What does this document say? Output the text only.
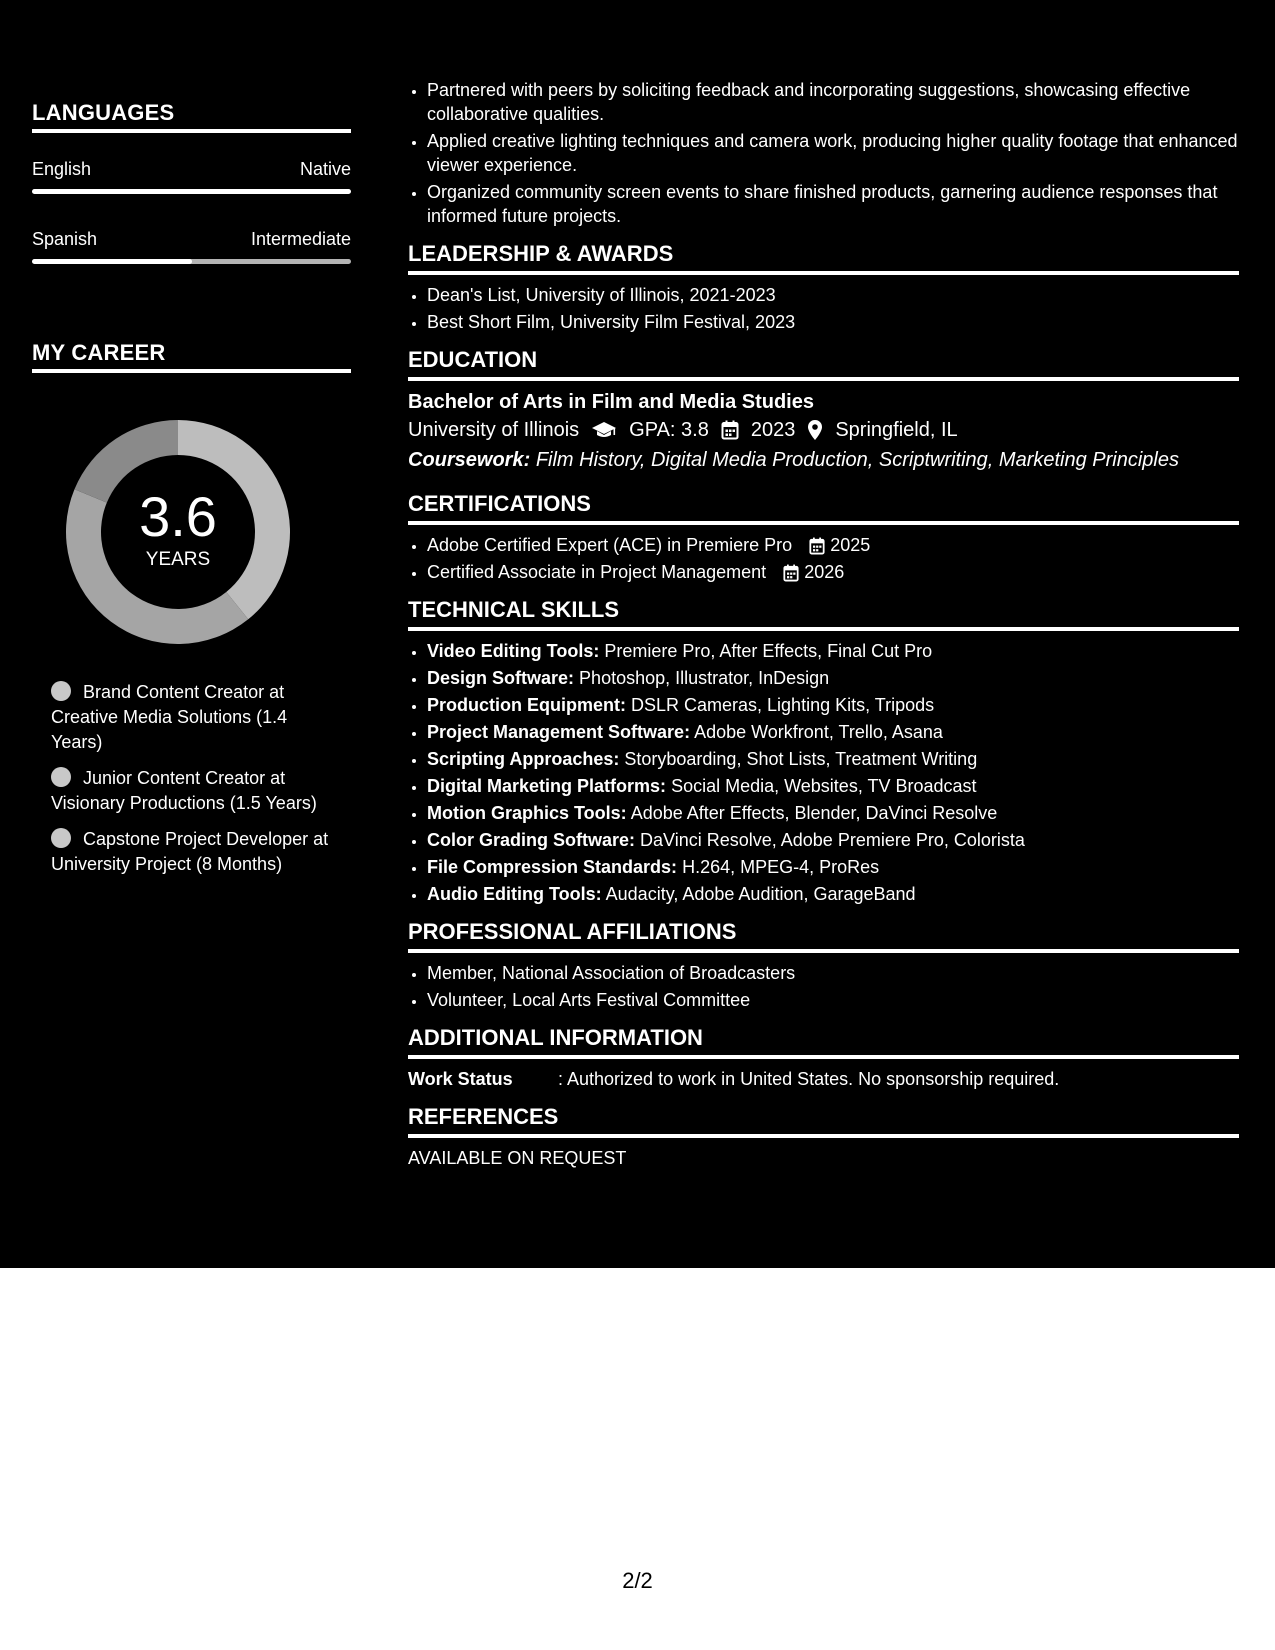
LANGUAGES
English	Native
Spanish	Intermediate
MY CAREER
3.6
YEARS
Brand Content Creator at Creative Media Solutions (1.4 Years)
Junior Content Creator at Visionary Productions (1.5 Years)
Capstone Project Developer at University Project (8 Months)
• Partnered with peers by soliciting feedback and incorporating suggestions, showcasing effective collaborative qualities.
• Applied creative lighting techniques and camera work, producing higher quality footage that enhanced viewer experience.
• Organized community screen events to share finished products, garnering audience responses that informed future projects.
LEADERSHIP & AWARDS
• Dean's List, University of Illinois, 2021-2023
• Best Short Film, University Film Festival, 2023
EDUCATION
Bachelor of Arts in Film and Media Studies
University of Illinois	GPA: 3.8 2023 Springfield, IL
Coursework: Film History, Digital Media Production, Scriptwriting, Marketing Principles
CERTIFICATIONS
• Adobe Certified Expert (ACE) in Premiere Pro 2025
• Certified Associate in Project Management 2026
TECHNICAL SKILLS
• Video Editing Tools: Premiere Pro, After Effects, Final Cut Pro
• Design Software: Photoshop, Illustrator, InDesign
• Production Equipment: DSLR Cameras, Lighting Kits, Tripods
• Project Management Software: Adobe Workfront, Trello, Asana
• Scripting Approaches: Storyboarding, Shot Lists, Treatment Writing
• Digital Marketing Platforms: Social Media, Websites, TV Broadcast
• Motion Graphics Tools: Adobe After Effects, Blender, DaVinci Resolve
• Color Grading Software: DaVinci Resolve, Adobe Premiere Pro, Colorista
• File Compression Standards: H.264, MPEG-4, ProRes
• Audio Editing Tools: Audacity, Adobe Audition, GarageBand
PROFESSIONAL AFFILIATIONS
• Member, National Association of Broadcasters
• Volunteer, Local Arts Festival Committee
ADDITIONAL INFORMATION
Work Status	: Authorized to work in United States. No sponsorship required.
REFERENCES
AVAILABLE ON REQUEST
2/2
